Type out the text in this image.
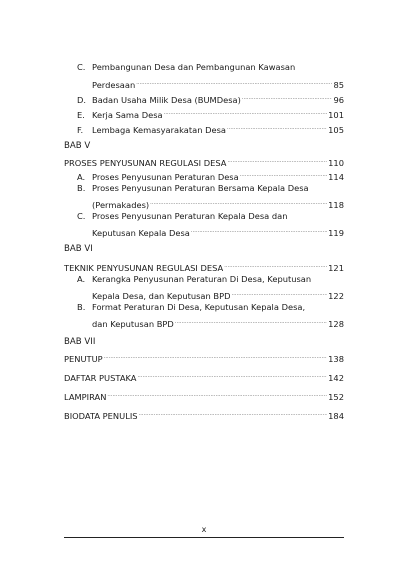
C. Pembangunan Desa dan Pembangunan Kawasan
Perdesaan .....	85
D. Badan Usaha Milik Desa (BUMDesa) .....	96
E. Kerja Sama Desa .....	101
F.	Lembaga Kemasyarakatan Desa .....	105
BAB V
PROSES PENYUSUNAN REGULASI DESA .....	110
A. Proses Penyusunan Peraturan Desa .....	114
B. Proses Penyusunan Peraturan Bersama Kepala Desa
(Permakades) .....	118
C. Proses Penyusunan Peraturan Kepala Desa dan
Keputusan Kepala Desa .....	119
BAB VI
TEKNIK PENYUSUNAN REGULASI DESA .....	121
A. Kerangka Penyusunan Peraturan Di Desa, Keputusan
Kepala Desa, dan Keputusan BPD .....	122
B. Format Peraturan Di Desa, Keputusan Kepala Desa,
dan Keputusan BPD .....	128
BAB VII
PENUTUP .....	138
DAFTAR PUSTAKA .....	142
LAMPIRAN .....	152
BIODATA PENULIS .....	184
x
